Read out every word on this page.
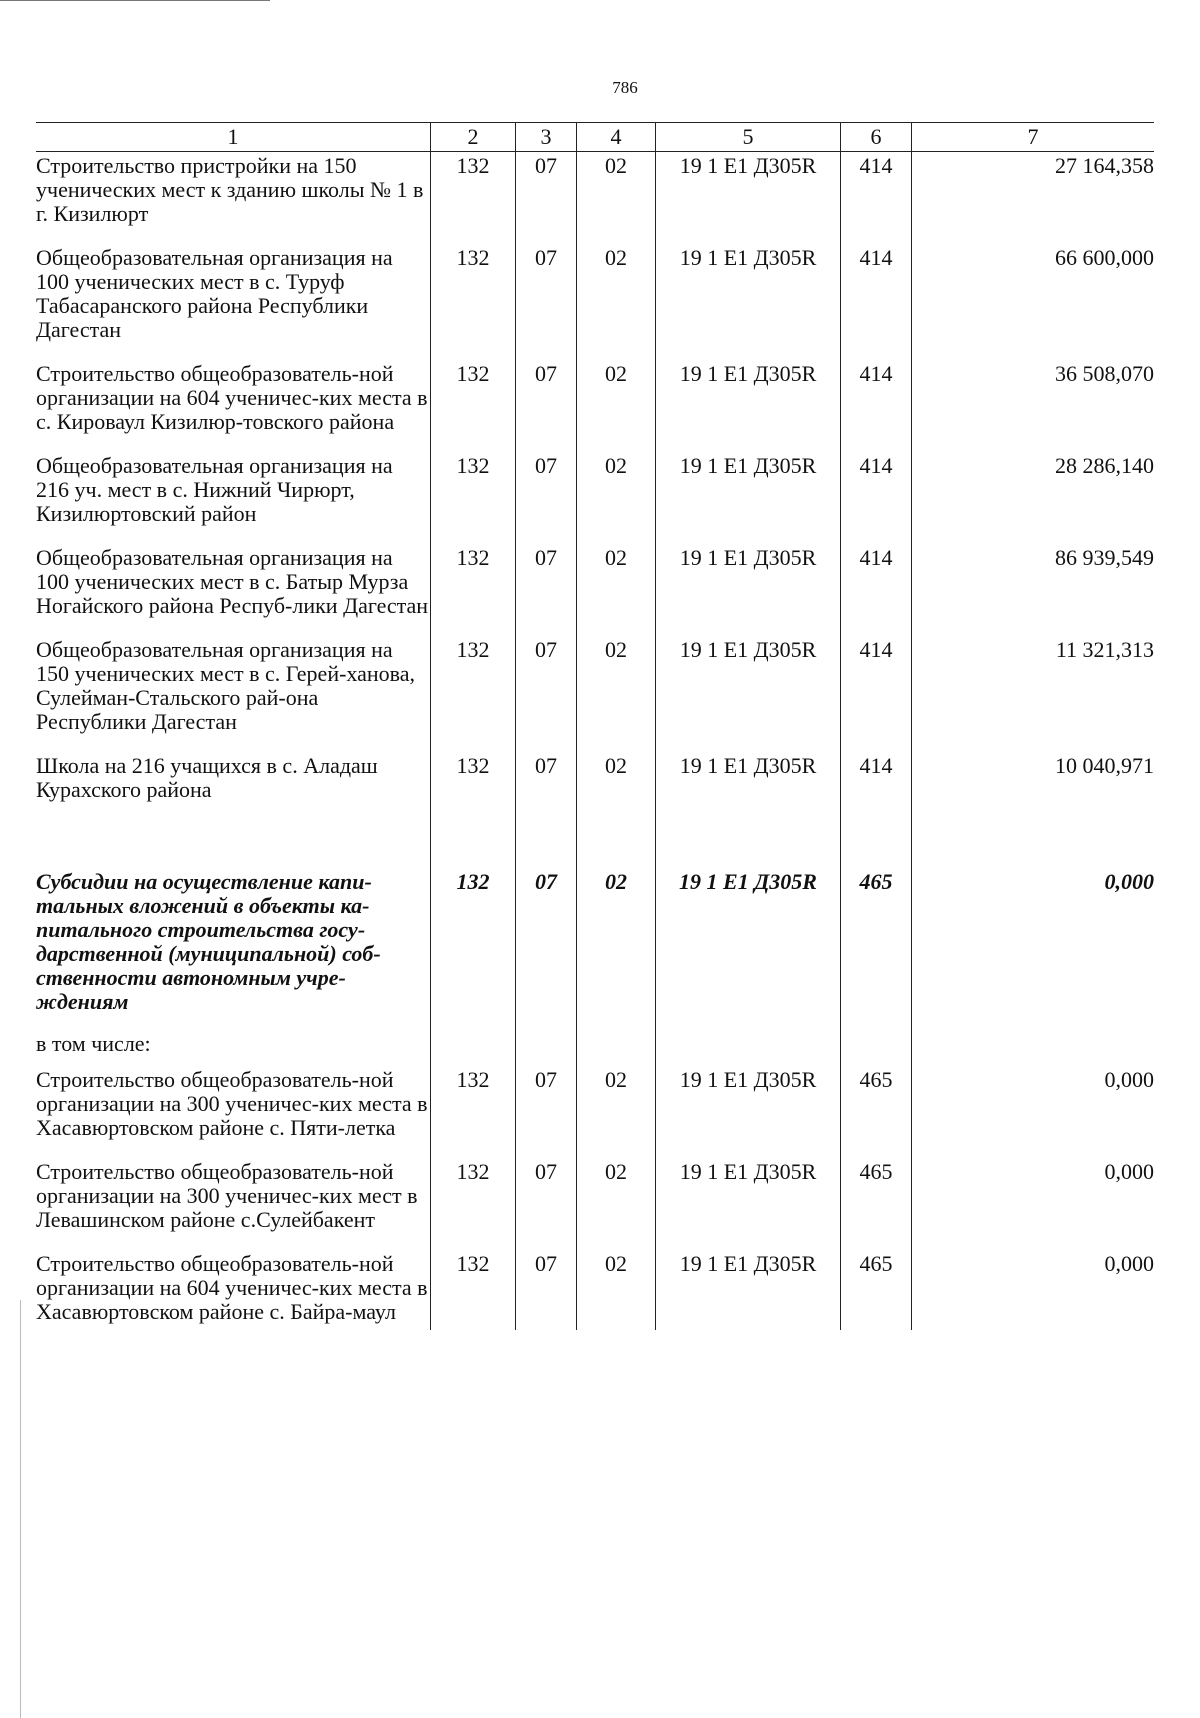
786
1	2	3	4	5	6	7
Строительство пристройки на 150 ученических мест к зданию школы № 1 в г. Кизилюрт	132	07	02	19 1 E1 Д305R	414	27 164,358
Общеобразовательная организация на 100 ученических мест в с. Туруф Табасаранского района Республики Дагестан	132	07	02	19 1 E1 Д305R	414	66 600,000
Строительство общеобразователь-ной организации на 604 ученичес-ких места в с. Кироваул Кизилюр-товского района	132	07	02	19 1 E1 Д305R	414	36 508,070
Общеобразовательная организация на 216 уч. мест в с. Нижний Чирюрт, Кизилюртовский район	132	07	02	19 1 E1 Д305R	414	28 286,140
Общеобразовательная организация на 100 ученических мест в с. Батыр Мурза Ногайского района Респуб-лики Дагестан	132	07	02	19 1 E1 Д305R	414	86 939,549
Общеобразовательная организация на 150 ученических мест в с. Герей-ханова, Сулейман-Стальского рай-она Республики Дагестан	132	07	02	19 1 E1 Д305R	414	11 321,313
Школа на 216 учащихся в с. Аладаш Курахского района	132	07	02	19 1 E1 Д305R	414	10 040,971

Субсидии на осуществление капи-тальных вложений в объекты ка-питального строительства госу-дарственной (муниципальной) соб-ственности автономным учре-ждениям	132	07	02	19 1 E1 Д305R	465	0,000
в том числе:						
Строительство общеобразователь-ной организации на 300 ученичес-ких места в Хасавюртовском районе с. Пяти-летка	132	07	02	19 1 E1 Д305R	465	0,000
Строительство общеобразователь-ной организации на 300 ученичес-ких мест в Левашинском районе с.Сулейбакент	132	07	02	19 1 E1 Д305R	465	0,000
Строительство общеобразователь-ной организации на 604 ученичес-ких места в Хасавюртовском районе с. Байра-маул	132	07	02	19 1 E1 Д305R	465	0,000
